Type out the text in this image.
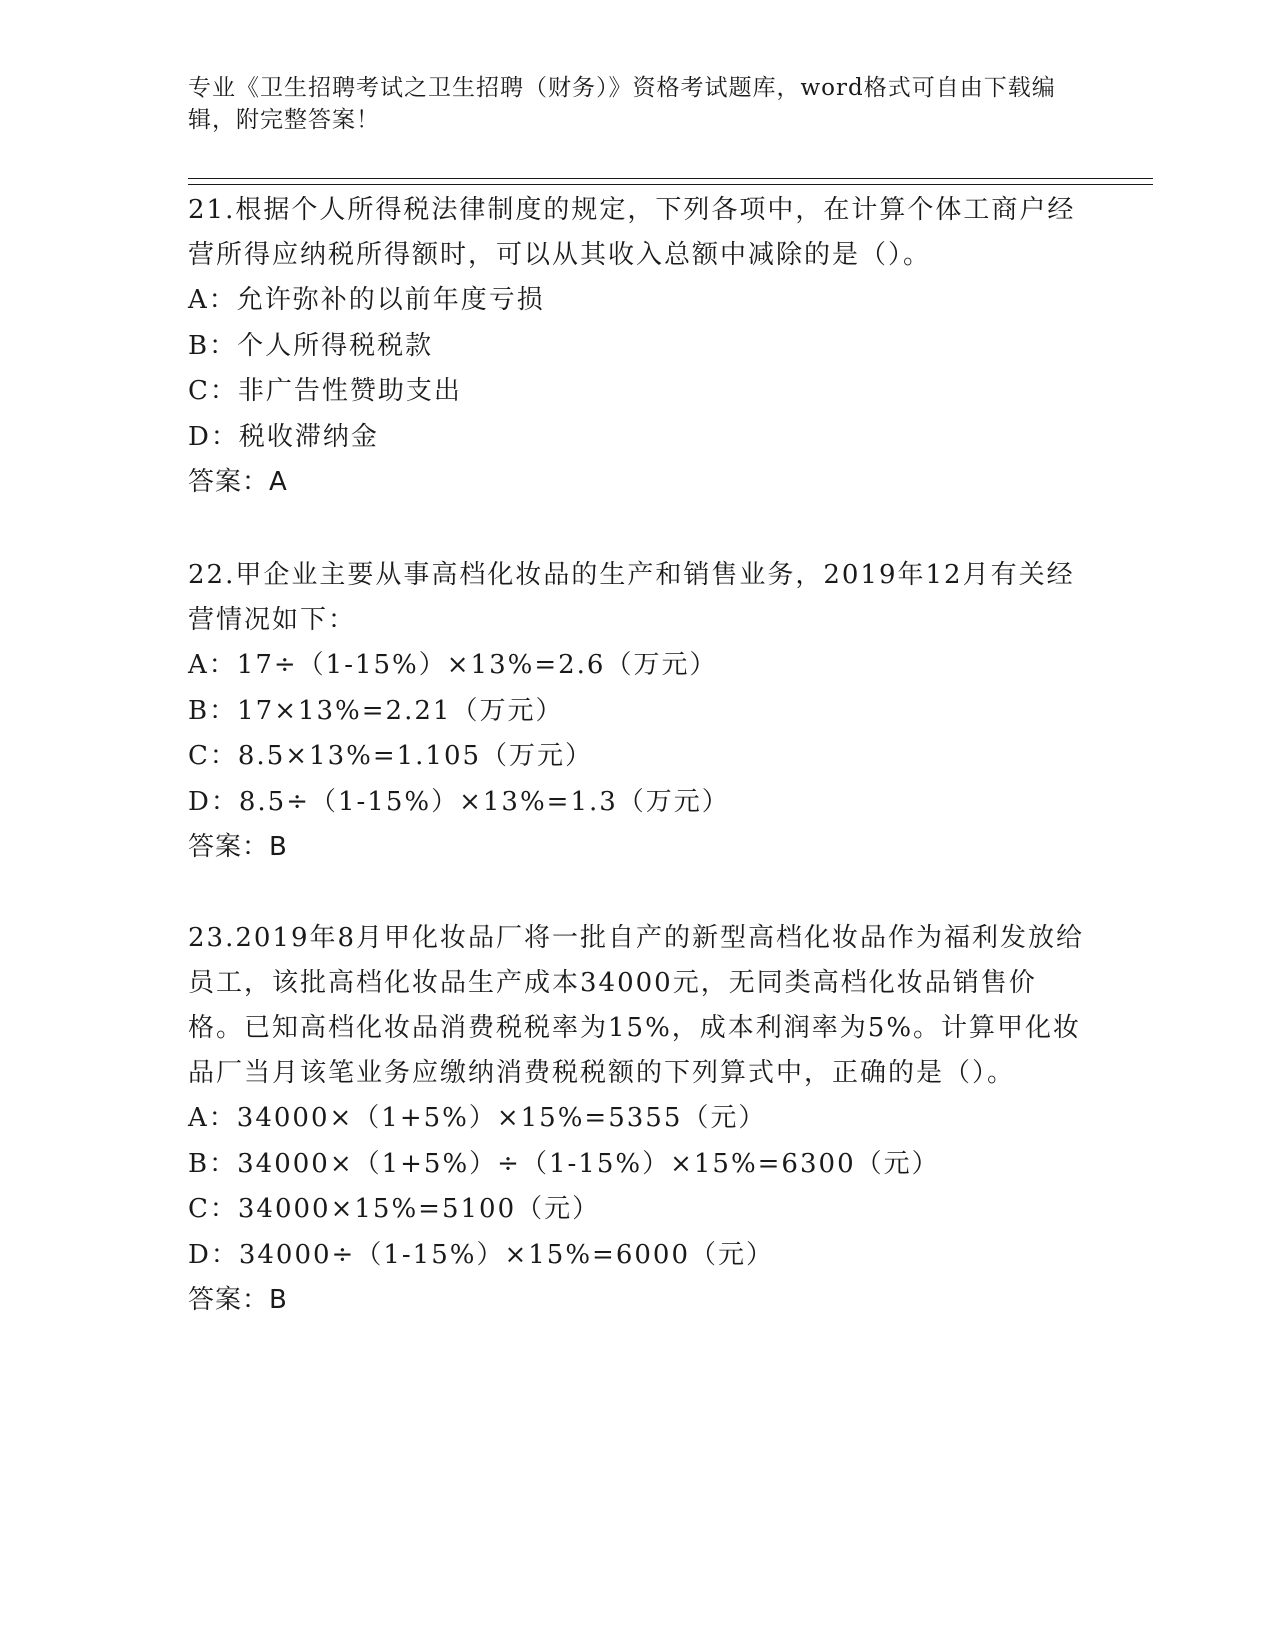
专业《卫生招聘考试之卫生招聘（财务）》资格考试题库，word格式可自由下载编辑，附完整答案！

21.根据个人所得税法律制度的规定，下列各项中，在计算个体工商户经营所得应纳税所得额时，可以从其收入总额中减除的是（）。

A：允许弥补的以前年度亏损

B：个人所得税税款

C：非广告性赞助支出

D：税收滞纳金

答案：A

22.甲企业主要从事高档化妆品的生产和销售业务，2019年12月有关经营情况如下：

A：17÷（1-15%）×13%=2.6（万元）

B：17×13%=2.21（万元）

C：8.5×13%=1.105（万元）

D：8.5÷（1-15%）×13%=1.3（万元）

答案：B

23.2019年8月甲化妆品厂将一批自产的新型高档化妆品作为福利发放给员工，该批高档化妆品生产成本34000元，无同类高档化妆品销售价格。已知高档化妆品消费税税率为15%，成本利润率为5%。计算甲化妆品厂当月该笔业务应缴纳消费税税额的下列算式中，正确的是（）。

A：34000×（1+5%）×15%=5355（元）

B：34000×（1+5%）÷（1-15%）×15%=6300（元）

C：34000×15%=5100（元）

D：34000÷（1-15%）×15%=6000（元）

答案：B
